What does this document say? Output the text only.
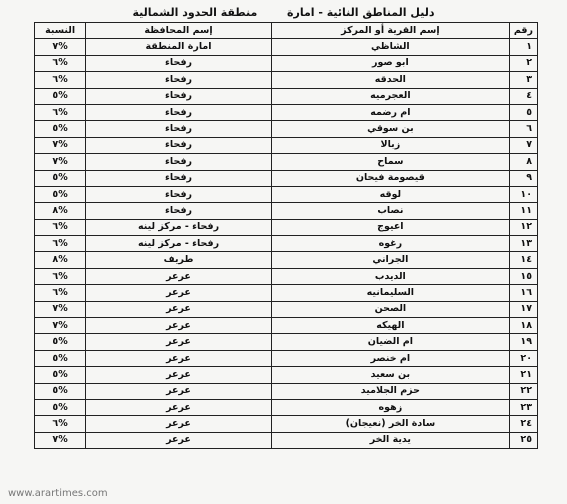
دليل المناطق النائية - امارة  منطقة الحدود الشمالية
رقم	إسم القرية أو المركز	إسم المحافظة	النسبة
١	الشاظي	امارة المنطقة	٧%
٢	ابو صور	رفحاء	٦%
٣	الحدقه	رفحاء	٦%
٤	العجرميه	رفحاء	٥%
٥	ام رضمه	رفحاء	٦%
٦	بن سوقي	رفحاء	٥%
٧	زبالا	رفحاء	٧%
٨	سماح	رفحاء	٧%
٩	قيصومة فيحان	رفحاء	٥%
١٠	لوقه	رفحاء	٥%
١١	نصاب	رفحاء	٨%
١٢	اعيوج	رفحاء - مركز لينه	٦%
١٣	رغوه	رفحاء - مركز لينه	٦%
١٤	الجراني	طريف	٨%
١٥	الديدب	عرعر	٦%
١٦	السليمانيه	عرعر	٦%
١٧	الصحن	عرعر	٧%
١٨	الهيكه	عرعر	٧%
١٩	ام الضيان	عرعر	٥%
٢٠	ام خنصر	عرعر	٥%
٢١	بن سعيد	عرعر	٥%
٢٢	حزم الجلاميد	عرعر	٥%
٢٣	زهوه	عرعر	٥%
٢٤	سادة الخر (نعيجان)	عرعر	٦%
٢٥	يدية الخر	عرعر	٧%
www.arartimes.com
